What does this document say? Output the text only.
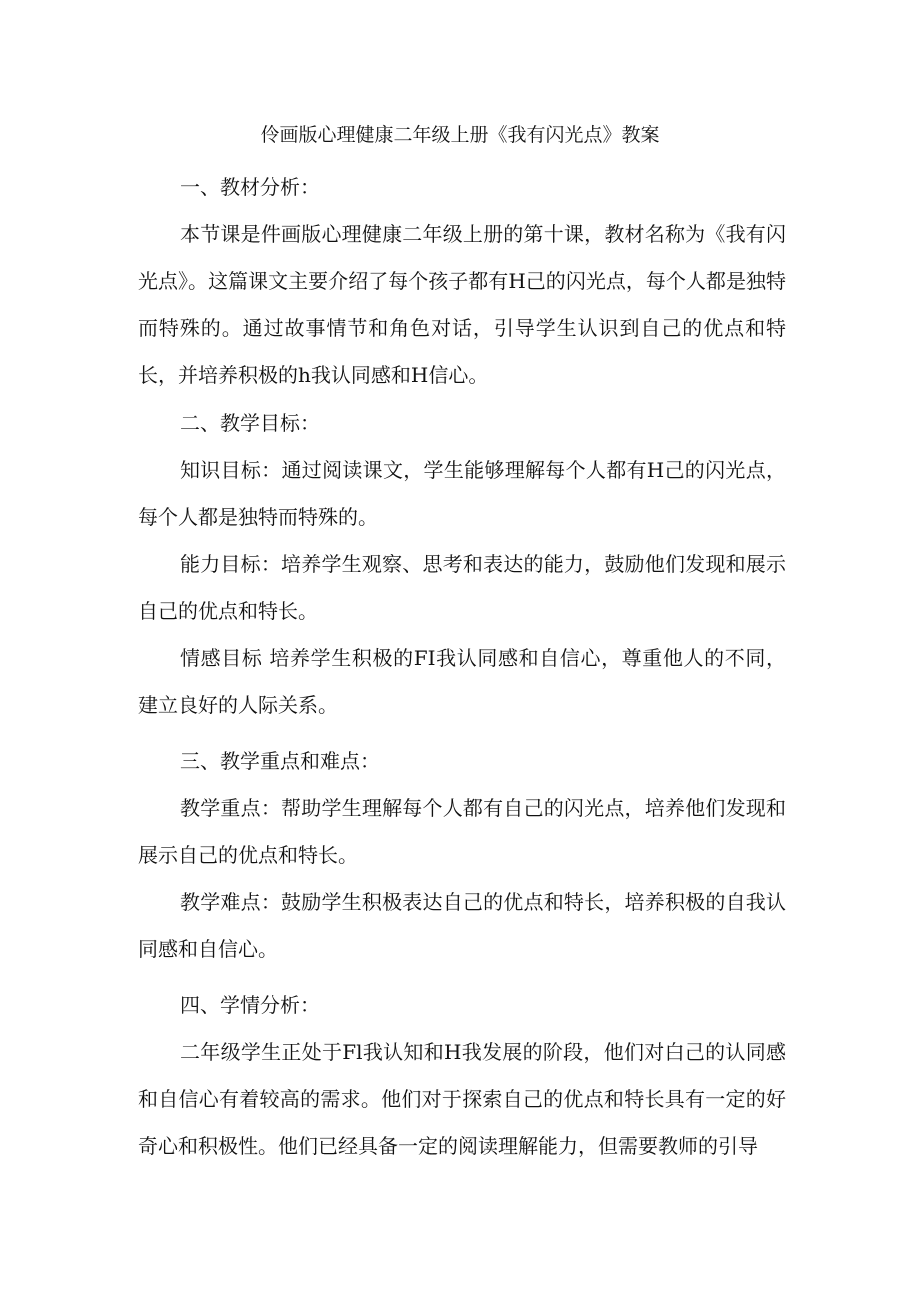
伶画版心理健康二年级上册《我有闪光点》教案
一、教材分析：

本节课是件画版心理健康二年级上册的第十课，教材名称为《我有闪光点》。这篇课文主要介绍了每个孩子都有H己的闪光点，每个人都是独特而特殊的。通过故事情节和角色对话，引导学生认识到自己的优点和特长，并培养积极的h我认同感和H信心。

二、教学目标：

知识目标：通过阅读课文，学生能够理解每个人都有H己的闪光点，每个人都是独特而特殊的。

能力目标：培养学生观察、思考和表达的能力，鼓励他们发现和展示自己的优点和特长。

情感目标 培养学生积极的FI我认同感和自信心，尊重他人的不同，建立良好的人际关系。

三、教学重点和难点：

教学重点：帮助学生理解每个人都有自己的闪光点，培养他们发现和展示自己的优点和特长。

教学难点：鼓励学生积极表达自己的优点和特长，培养积极的自我认同感和自信心。

四、学情分析：

二年级学生正处于Fl我认知和H我发展的阶段，他们对白己的认同感和自信心有着较高的需求。他们对于探索自己的优点和特长具有一定的好奇心和积极性。他们已经具备一定的阅读理解能力，但需要教师的引导
